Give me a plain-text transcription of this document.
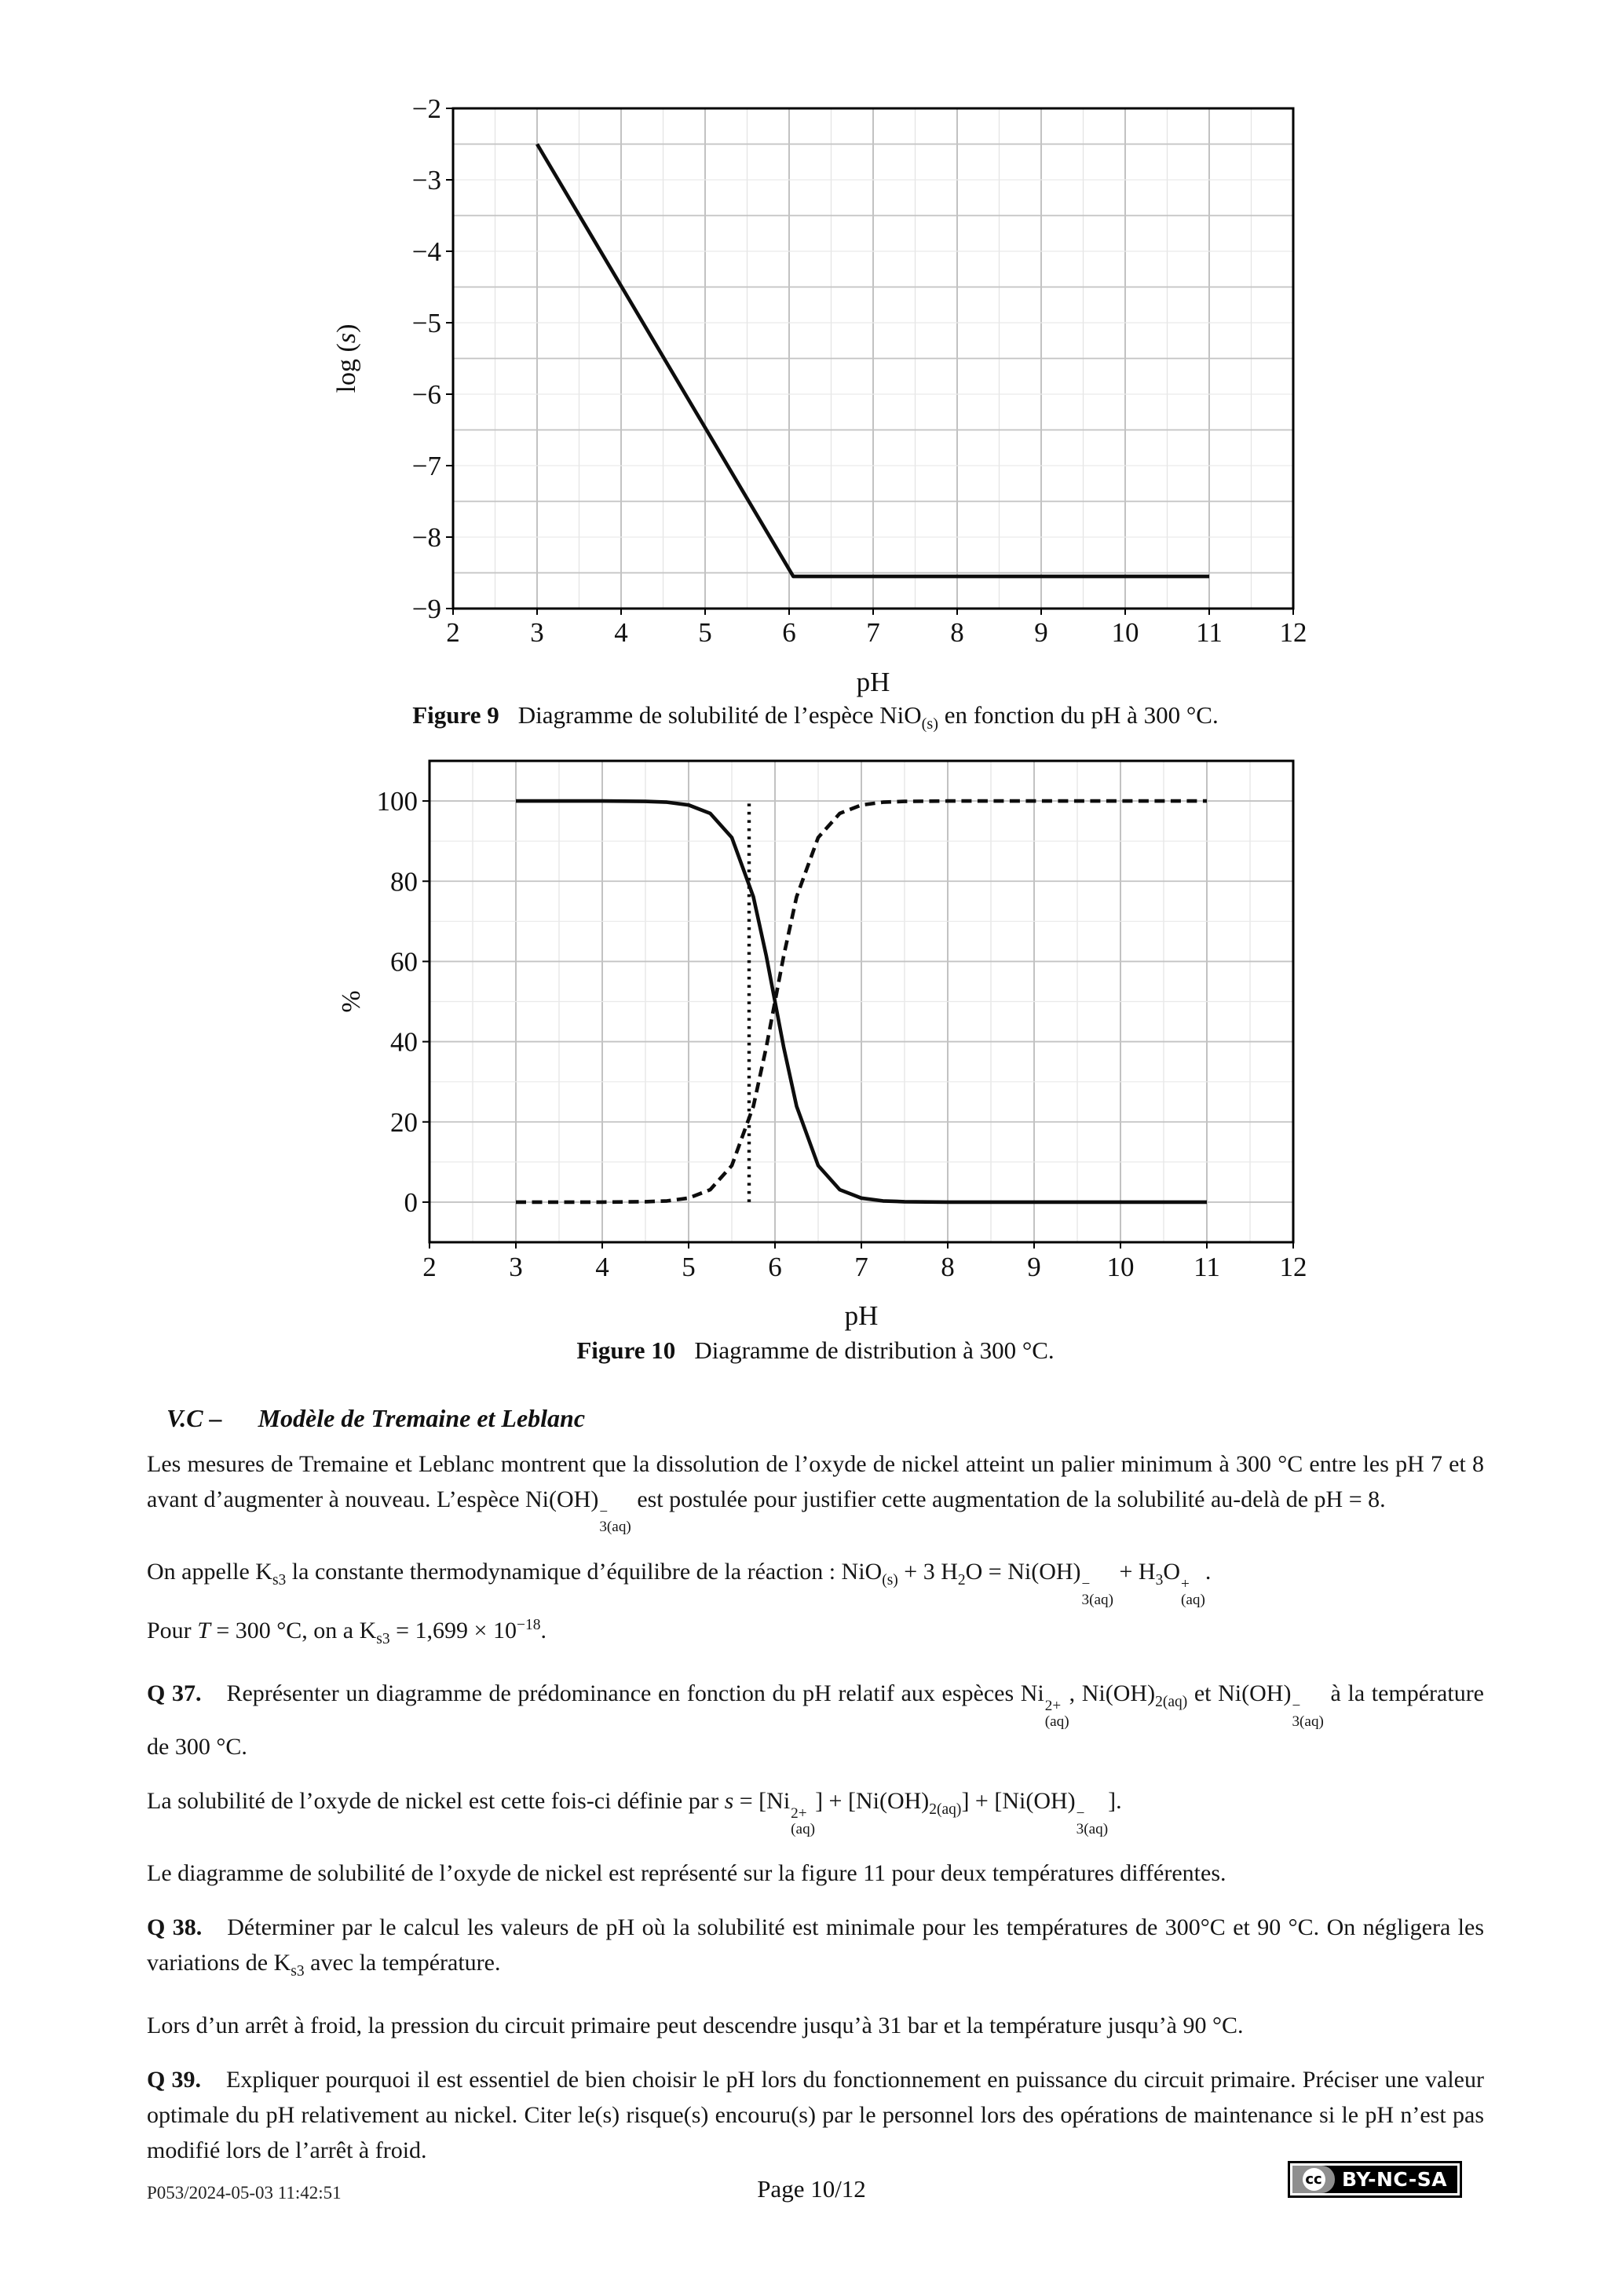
2	3	4	5	6	7	8	9 10 11 12
−9
−8
−7
−6
−5
−4
−3
−2
pH
log (s)
Figure 9 Diagramme de solubilité de l’espèce NiO$_{(s)}$ en fonction du pH à 300 °C.
2	3	4	5	6	7	8	9 10 11 12
0
20
40
60
80
100
pH
%
Figure 10 Diagramme de distribution à 300 °C.
V.C – Modèle de Tremaine et Leblanc

Les mesures de Tremaine et Leblanc montrent que la dissolution de l’oxyde de nickel atteint un palier minimum à 300 °C entre les pH 7 et 8 avant d’augmenter à nouveau. L’espèce Ni(OH) −
3(aq)
est postulée pour justifier cette augmentation de la solubilité au-delà de pH = 8.

On appelle $K_{s3}$ la constante thermodynamique d’équilibre de la réaction : NiO$_{(s)}$ + 3 $H_2O = Ni(OH)$ −
3(aq)
+ $H_3O$ +
(aq)
.
Pour T = 300 °C, on a $K_{s3} = 1,699 \times 10^{-18}$.

Q 37. Représenter un diagramme de prédominance en fonction du pH relatif aux espèces Ni 2+
(aq)
, $Ni(OH)_{2(aq)}$ et Ni(OH) −
3(aq)
à la température de 300 °C.

La solubilité de l’oxyde de nickel est cette fois-ci définie par s = [Ni 2+
(aq)
] + $[Ni(OH)_{2(aq)}] + [Ni(OH)$ −
3(aq)
].

Le diagramme de solubilité de l’oxyde de nickel est représenté sur la figure 11 pour deux températures différentes.

Q 38. Déterminer par le calcul les valeurs de pH où la solubilité est minimale pour les températures de 300°C et 90 °C. On négligera les variations de $K_{s3}$ avec la température.

Lors d’un arrêt à froid, la pression du circuit primaire peut descendre jusqu’à 31 bar et la température jusqu’à 90 °C.

Q 39. Expliquer pourquoi il est essentiel de bien choisir le pH lors du fonctionnement en puissance du circuit primaire. Préciser une valeur optimale du pH relativement au nickel. Citer le(s) risque(s) encouru(s) par le personnel lors des opérations de maintenance si le pH n’est pas modifié lors de l’arrêt à froid.

P053/2024-05-03 11:42:51	Page 10/12	cc BY-NC-SA
